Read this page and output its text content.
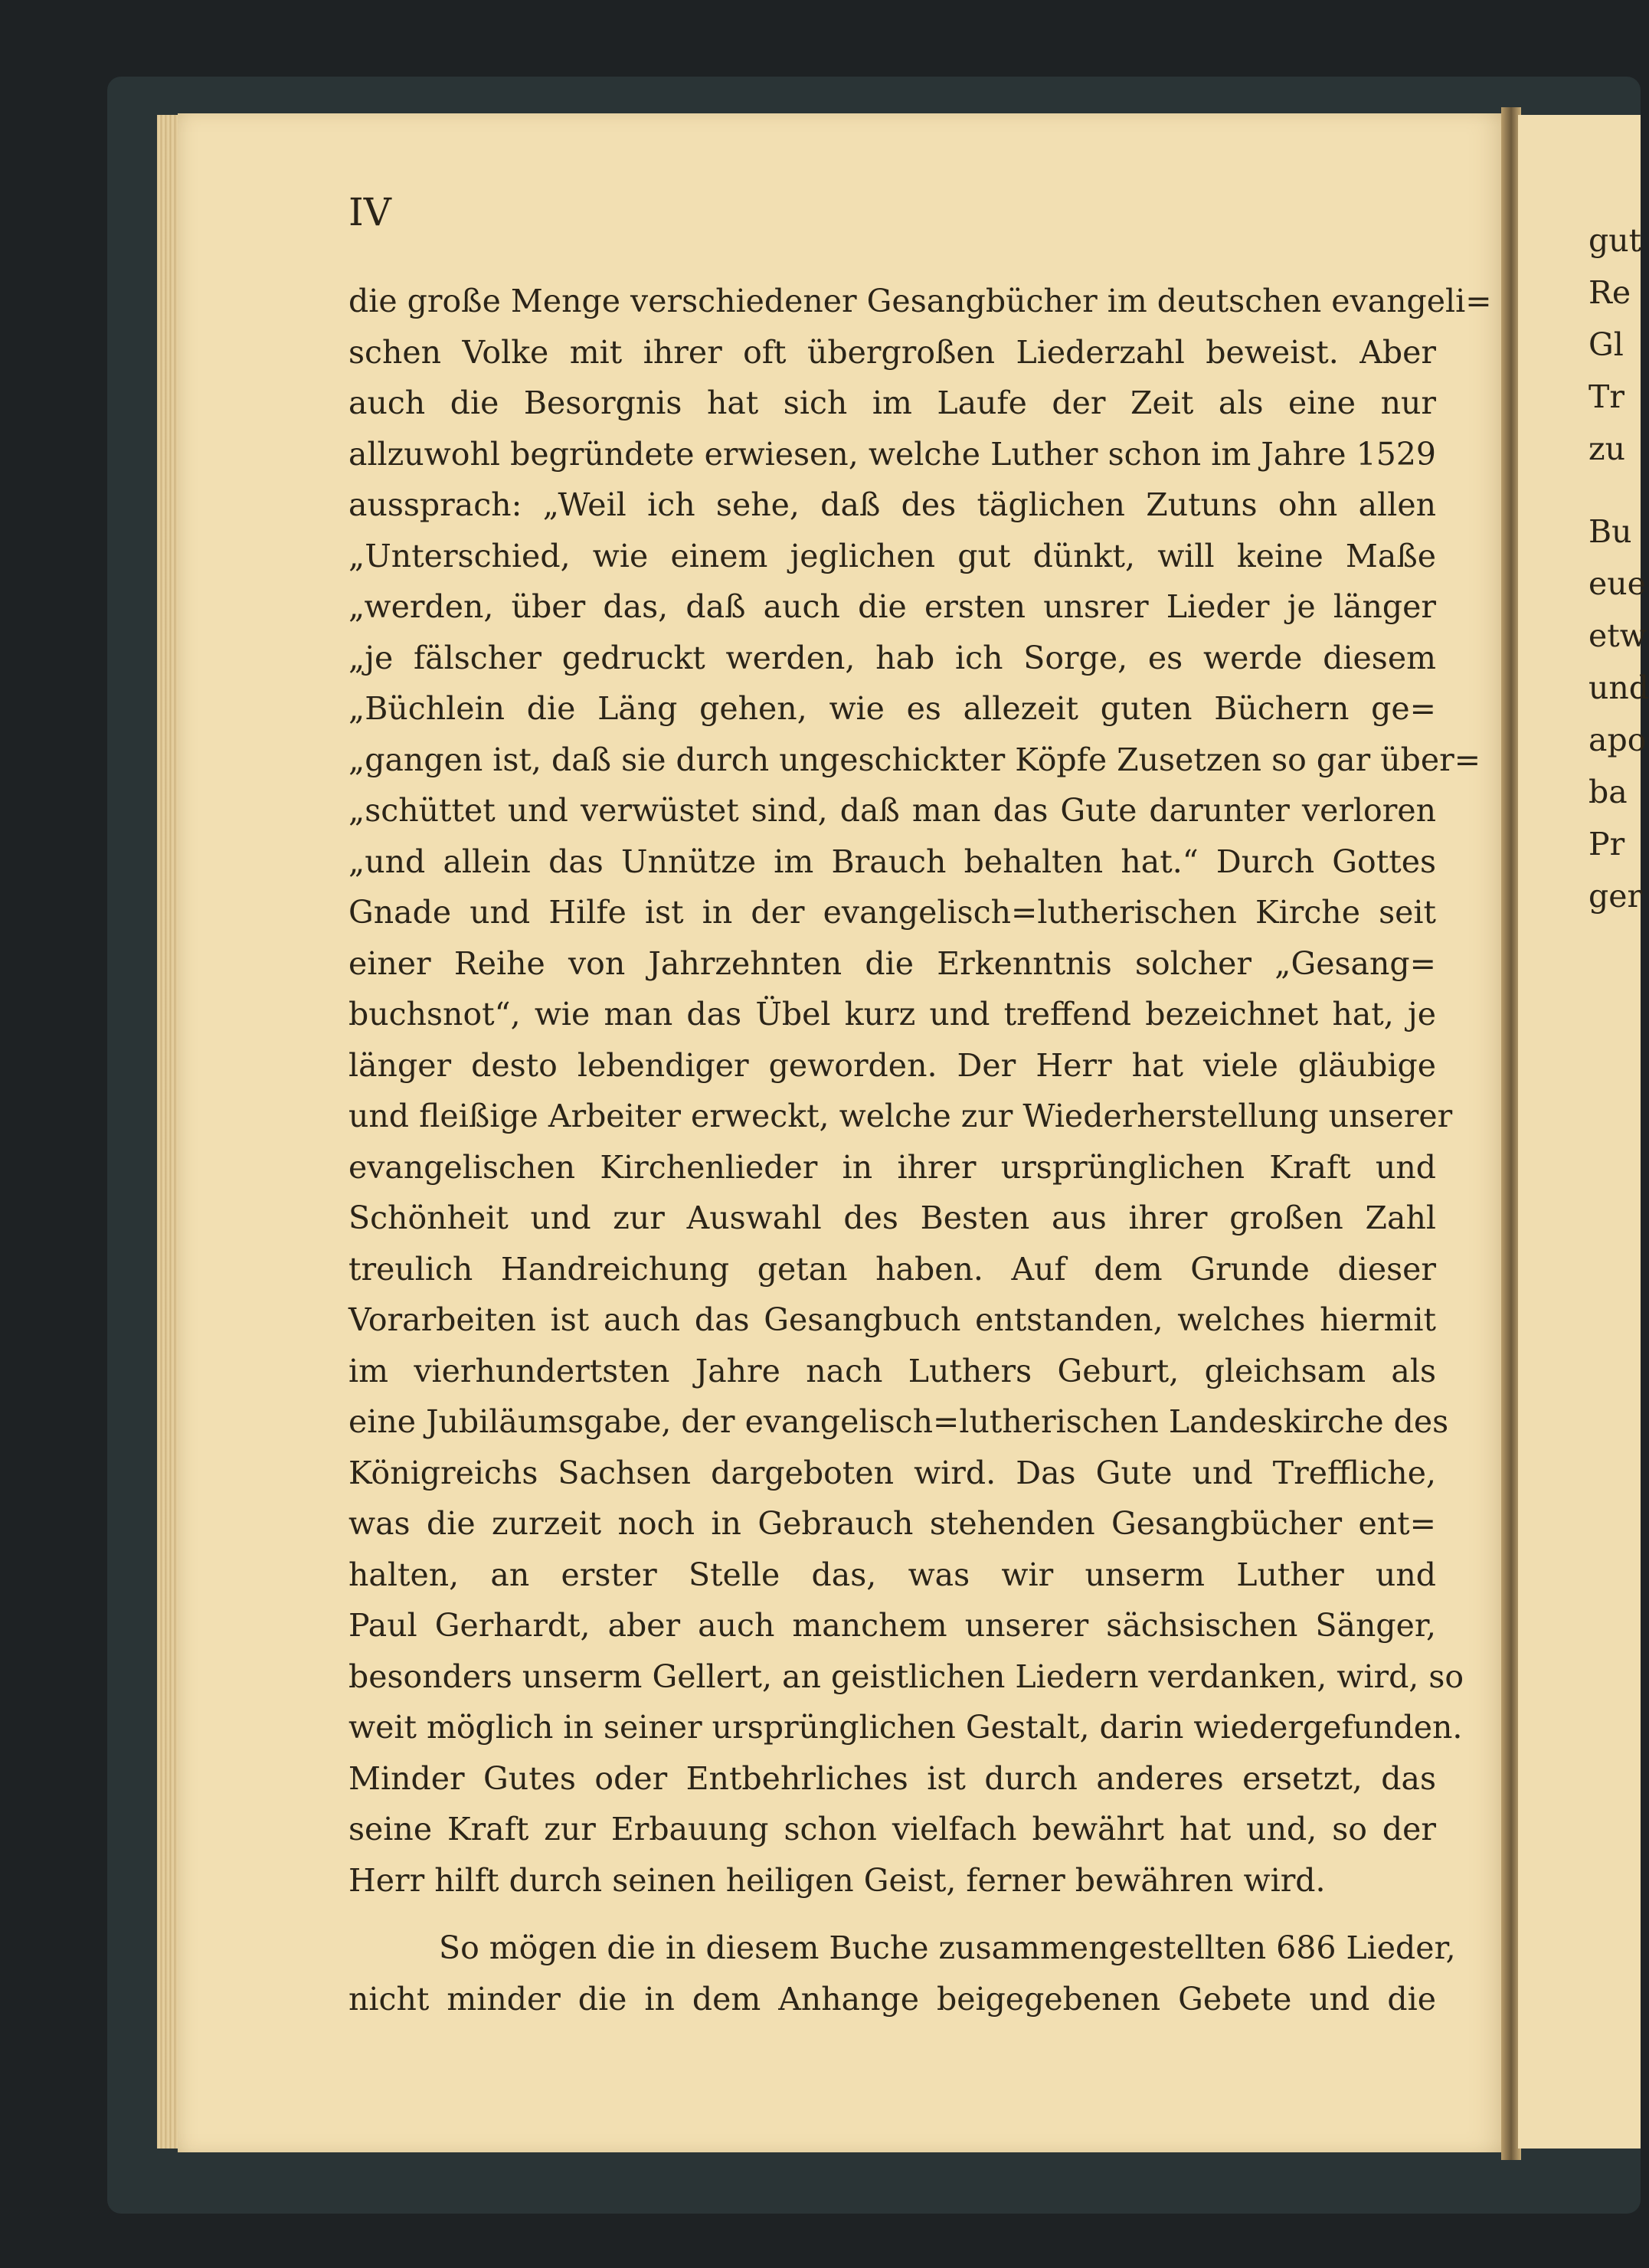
gut
Re
Gl
Tr
zu
Bu
eue
etw
und
apo
ba
Pr
ger
IV
die große Menge verschiedener Gesangbücher im deutschen evangeli=
schen Volke mit ihrer oft übergroßen Liederzahl beweist. Aber
auch die Besorgnis hat sich im Laufe der Zeit als eine nur
allzuwohl begründete erwiesen, welche Luther schon im Jahre 1529
aussprach: „Weil ich sehe, daß des täglichen Zutuns ohn allen
„Unterschied, wie einem jeglichen gut dünkt, will keine Maße
„werden, über das, daß auch die ersten unsrer Lieder je länger
„je fälscher gedruckt werden, hab ich Sorge, es werde diesem
„Büchlein die Läng gehen, wie es allezeit guten Büchern ge=
„gangen ist, daß sie durch ungeschickter Köpfe Zusetzen so gar über=
„schüttet und verwüstet sind, daß man das Gute darunter verloren
„und allein das Unnütze im Brauch behalten hat.“ Durch Gottes
Gnade und Hilfe ist in der evangelisch=lutherischen Kirche seit
einer Reihe von Jahrzehnten die Erkenntnis solcher „Gesang=
buchsnot“, wie man das Übel kurz und treffend bezeichnet hat, je
länger desto lebendiger geworden. Der Herr hat viele gläubige
und fleißige Arbeiter erweckt, welche zur Wiederherstellung unserer
evangelischen Kirchenlieder in ihrer ursprünglichen Kraft und
Schönheit und zur Auswahl des Besten aus ihrer großen Zahl
treulich Handreichung getan haben. Auf dem Grunde dieser
Vorarbeiten ist auch das Gesangbuch entstanden, welches hiermit
im vierhundertsten Jahre nach Luthers Geburt, gleichsam als
eine Jubiläumsgabe, der evangelisch=lutherischen Landeskirche des
Königreichs Sachsen dargeboten wird. Das Gute und Treffliche,
was die zurzeit noch in Gebrauch stehenden Gesangbücher ent=
halten, an erster Stelle das, was wir unserm Luther und
Paul Gerhardt, aber auch manchem unserer sächsischen Sänger,
besonders unserm Gellert, an geistlichen Liedern verdanken, wird, so
weit möglich in seiner ursprünglichen Gestalt, darin wiedergefunden.
Minder Gutes oder Entbehrliches ist durch anderes ersetzt, das
seine Kraft zur Erbauung schon vielfach bewährt hat und, so der
Herr hilft durch seinen heiligen Geist, ferner bewähren wird.
So mögen die in diesem Buche zusammengestellten 686 Lieder,
nicht minder die in dem Anhange beigegebenen Gebete und die
